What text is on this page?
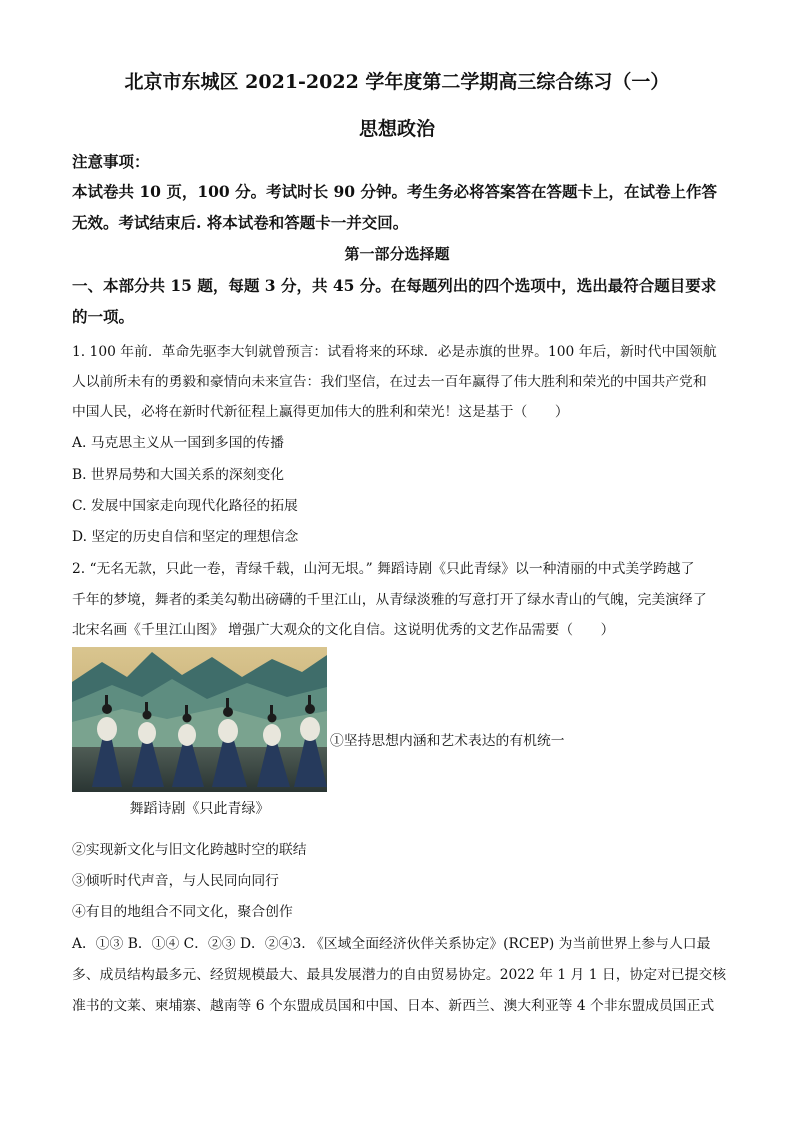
北京市东城区 2021-2022 学年度第二学期高三综合练习（一）
思想政治
注意事项：
本试卷共 10 页，100 分。考试时长 90 分钟。考生务必将答案答在答题卡上，在试卷上作答
无效。考试结束后. 将本试卷和答题卡一并交回。
第一部分选择题
一、本部分共 15 题，每题 3 分，共 45 分。在每题列出的四个选项中，选出最符合题目要求
的一项。
1. 100 年前．革命先驱李大钊就曾预言：试看将来的环球．必是赤旗的世界。100 年后，新时代中国领航
人以前所未有的勇毅和豪情向未来宣告：我们坚信，在过去一百年赢得了伟大胜利和荣光的中国共产党和
中国人民，必将在新时代新征程上赢得更加伟大的胜利和荣光！这是基于（　　）
A. 马克思主义从一国到多国的传播
B. 世界局势和大国关系的深刻变化
C. 发展中国家走向现代化路径的拓展
D. 坚定的历史自信和坚定的理想信念
2. “无名无款，只此一卷，青绿千载，山河无垠。” 舞蹈诗剧《只此青绿》以一种清丽的中式美学跨越了
千年的梦境，舞者的柔美勾勒出磅礴的千里江山，从青绿淡雅的写意打开了绿水青山的气魄，完美演绎了
北宋名画《千里江山图》 增强广大观众的文化自信。这说明优秀的文艺作品需要（　　）
舞蹈诗剧《只此青绿》
①坚持思想内涵和艺术表达的有机统一
②实现新文化与旧文化跨越时空的联结
③倾听时代声音，与人民同向同行
④有目的地组合不同文化，聚合创作
A．①③ B．①④ C．②③ D．②④3. 《区域全面经济伙伴关系协定》(RCEP) 为当前世界上参与人口最
多、成员结构最多元、经贸规模最大、最具发展潜力的自由贸易协定。2022 年 1 月 1 日，协定对已提交核
准书的文莱、柬埔寨、越南等 6 个东盟成员国和中国、日本、新西兰、澳大利亚等 4 个非东盟成员国正式
